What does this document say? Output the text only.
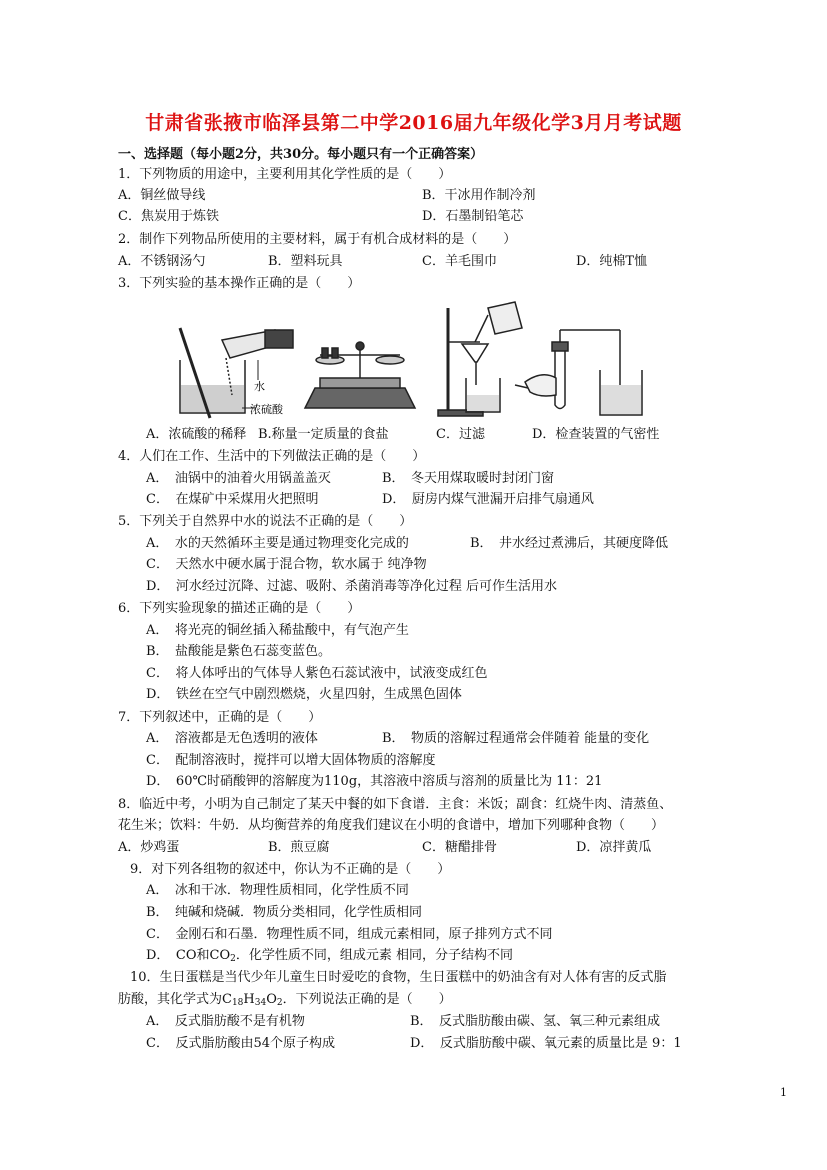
甘肃省张掖市临泽县第二中学2016届九年级化学3月月考试题
一、选择题（每小题2分，共30分。每小题只有一个正确答案）
1．下列物质的用途中，主要利用其化学性质的是（　　）
A．铜丝做导线	B．干冰用作制冷剂
C．焦炭用于炼铁	D．石墨制铅笔芯
2．制作下列物品所使用的主要材料，属于有机合成材料的是（　　）
A．不锈钢汤勺	B．塑料玩具	C．羊毛围巾	D．纯棉T恤
3．下列实验的基本操作正确的是（　　）
水
浓硫酸
A．浓硫酸的稀释 B.称量一定质量的食盐	C．过滤	D．检查装置的气密性
4．人们在工作、生活中的下列做法正确的是（　　）
A．　油锅中的油着火用锅盖盖灭	B．　冬天用煤取暖时封闭门窗
C．　在煤矿中采煤用火把照明	D．　厨房内煤气泄漏开启排气扇通风
5．下列关于自然界中水的说法不正确的是（　　）
A．　水的天然循环主要是通过物理变化完成的	B．　井水经过煮沸后，其硬度降低
C．　天然水中硬水属于混合物，软水属于 纯净物
D．　河水经过沉降、过滤、吸附、杀菌消毒等净化过程 后可作生活用水
6．下列实验现象的描述正确的是（　　）
A．　将光亮的铜丝插入稀盐酸中，有气泡产生
B．　盐酸能是紫色石蕊变蓝色。
C．　将人体呼出的气体导人紫色石蕊试液中，试液变成红色
D．　铁丝在空气中剧烈燃烧，火星四射，生成黑色固体
7．下列叙述中，正确的是（　　）
A．　溶液都是无色透明的液体	B．　物质的溶解过程通常会伴随着 能量的变化
C．　配制溶液时，搅拌可以增大固体物质的溶解度
D．　60℃时硝酸钾的溶解度为110g，其溶液中溶质与溶剂的质量比为 11：21
8．临近中考，小明为自己制定了某天中餐的如下食谱．主食：米饭；副食：红烧牛肉、清蒸鱼、
花生米；饮料：牛奶．从均衡营养的角度我们建议在小明的食谱中，增加下列哪种食物（　　）
A．炒鸡蛋	B．煎豆腐	C．糖醋排骨	D．凉拌黄瓜
9．对下列各组物的叙述中，你认为不正确的是（　　）
A．　冰和干冰．物理性质相同，化学性质不同
B．　纯碱和烧碱．物质分类相同，化学性质相同
C．　金刚石和石墨．物理性质不同，组成元素相同，原子排列方式不同
D．　CO和$CO_2$．化学性质不同，组成元素 相同，分子结构不同
10．生日蛋糕是当代少年儿童生日时爱吃的食物，生日蛋糕中的奶油含有对人体有害的反式脂
肪酸，其化学式为$C_{18}H_{34}O_2$．下列说法正确的是（　　）
A．　反式脂肪酸不是有机物	B．　反式脂肪酸由碳、氢、氧三种元素组成
C．　反式脂肪酸由54个原子构成	D．　反式脂肪酸中碳、氧元素的质量比是 9：1
1
